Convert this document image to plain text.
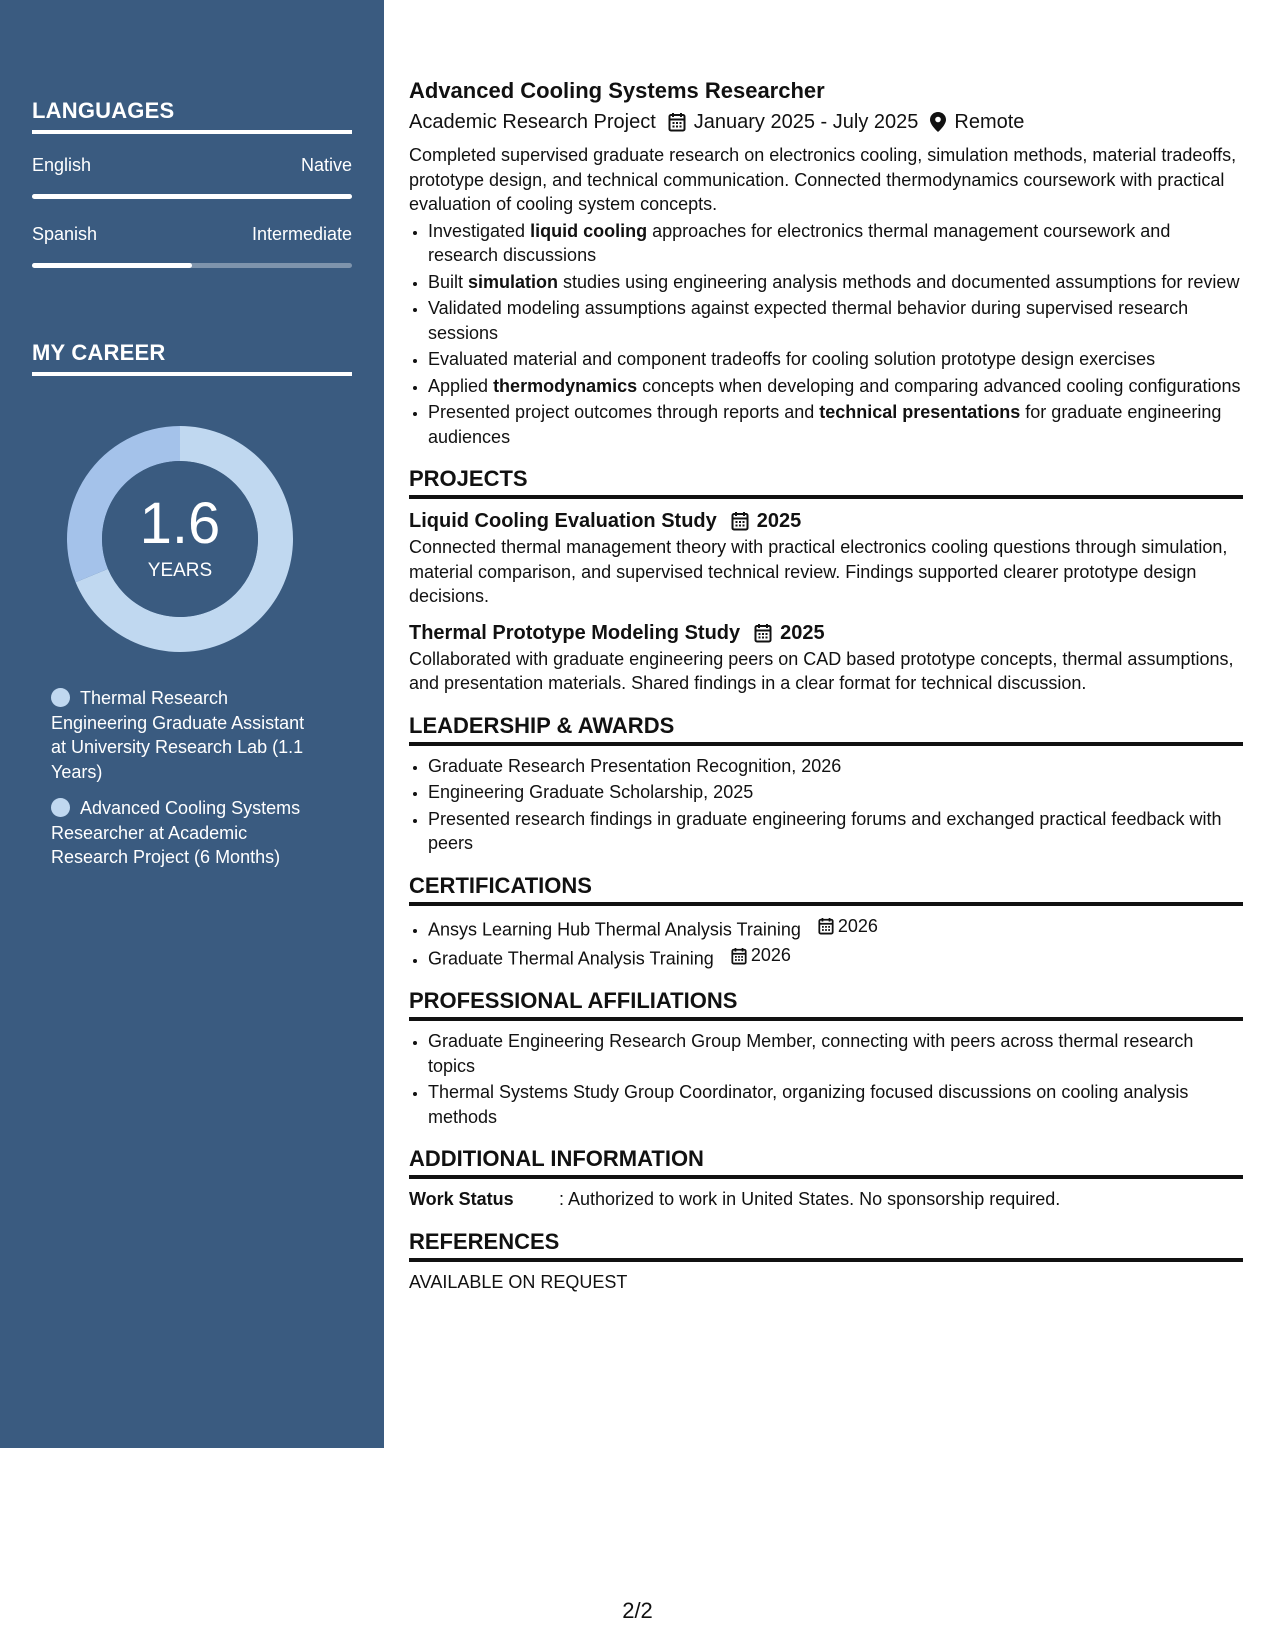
LANGUAGES
English	Native
Spanish	Intermediate
MY CAREER
1.6
YEARS
Thermal Research Engineering Graduate Assistant at University Research Lab (1.1 Years)
Advanced Cooling Systems Researcher at Academic Research Project (6 Months)
Advanced Cooling Systems Researcher
Academic Research Project January 2025 - July 2025 Remote
Completed supervised graduate research on electronics cooling, simulation methods, material tradeoffs, prototype design, and technical communication. Connected thermodynamics coursework with practical evaluation of cooling system concepts.
• Investigated liquid cooling approaches for electronics thermal management coursework and research discussions
• Built simulation studies using engineering analysis methods and documented assumptions for review
• Validated modeling assumptions against expected thermal behavior during supervised research sessions
• Evaluated material and component tradeoffs for cooling solution prototype design exercises
• Applied thermodynamics concepts when developing and comparing advanced cooling configurations
• Presented project outcomes through reports and technical presentations for graduate engineering audiences
PROJECTS
Liquid Cooling Evaluation Study 2025
Connected thermal management theory with practical electronics cooling questions through simulation, material comparison, and supervised technical review. Findings supported clearer prototype design decisions.
Thermal Prototype Modeling Study 2025
Collaborated with graduate engineering peers on CAD based prototype concepts, thermal assumptions, and presentation materials. Shared findings in a clear format for technical discussion.
LEADERSHIP & AWARDS
• Graduate Research Presentation Recognition, 2026
• Engineering Graduate Scholarship, 2025
• Presented research findings in graduate engineering forums and exchanged practical feedback with peers
CERTIFICATIONS
• Ansys Learning Hub Thermal Analysis Training 2026
• Graduate Thermal Analysis Training 2026
PROFESSIONAL AFFILIATIONS
• Graduate Engineering Research Group Member, connecting with peers across thermal research topics
• Thermal Systems Study Group Coordinator, organizing focused discussions on cooling analysis methods
ADDITIONAL INFORMATION
Work Status	: Authorized to work in United States. No sponsorship required.
REFERENCES
AVAILABLE ON REQUEST
2/2
